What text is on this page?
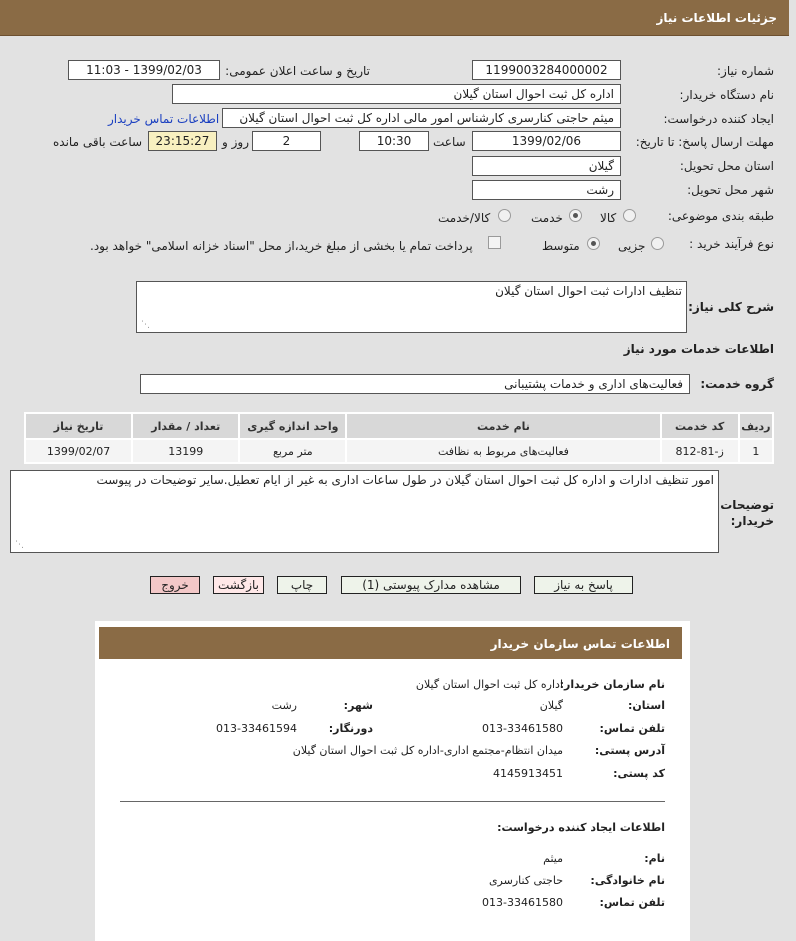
جزئیات اطلاعات نیاز
شماره نیاز:
1199003284000002
تاریخ و ساعت اعلان عمومی:
1399/02/03 - 11:03
نام دستگاه خریدار:
اداره کل ثبت احوال استان گیلان
ایجاد کننده درخواست:
میثم حاجتی کنارسری کارشناس امور مالی اداره کل ثبت احوال استان گیلان
اطلاعات تماس خریدار
مهلت ارسال پاسخ: تا تاریخ:
1399/02/06
ساعت
10:30
2
روز و
23:15:27
ساعت باقی مانده
استان محل تحویل:
گیلان
شهر محل تحویل:
رشت
طبقه بندی موضوعی:
کالا
خدمت
کالا/خدمت
نوع فرآیند خرید :
جزیی
متوسط
پرداخت تمام یا بخشی از مبلغ خرید،از محل "اسناد خزانه اسلامی" خواهد بود.
شرح کلی نیاز:
تنظیف ادارات ثبت احوال استان گیلان
⋰
اطلاعات خدمات مورد نیاز
گروه خدمت:
فعالیت‌های اداری و خدمات پشتیبانی
ردیف	کد خدمت	نام خدمت	واحد اندازه گیری	تعداد / مقدار	تاریخ نیاز
1	ز-81-812	فعالیت‌های مربوط به نظافت	متر مربع	13199	1399/02/07
توضیحات خریدار:
امور تنظیف ادارات و اداره کل ثبت احوال استان گیلان در طول ساعات اداری به غیر از ایام تعطیل.سایر توضیحات در پیوست
⋰
پاسخ به نیاز
مشاهده مدارک پیوستی (1)
چاپ
بازگشت
خروج
اطلاعات تماس سازمان خریدار
نام سازمان خریدار:
اداره کل ثبت احوال استان گیلان
استان:
گیلان
شهر:
رشت
تلفن تماس:
013-33461580
دورنگار:
013-33461594
آدرس پستی:
میدان انتظام-مجتمع اداری-اداره کل ثبت احوال استان گیلان
کد پستی:
4145913451
اطلاعات ایجاد کننده درخواست:
نام:
میثم
نام خانوادگی:
حاجتی کنارسری
تلفن تماس:
013-33461580
